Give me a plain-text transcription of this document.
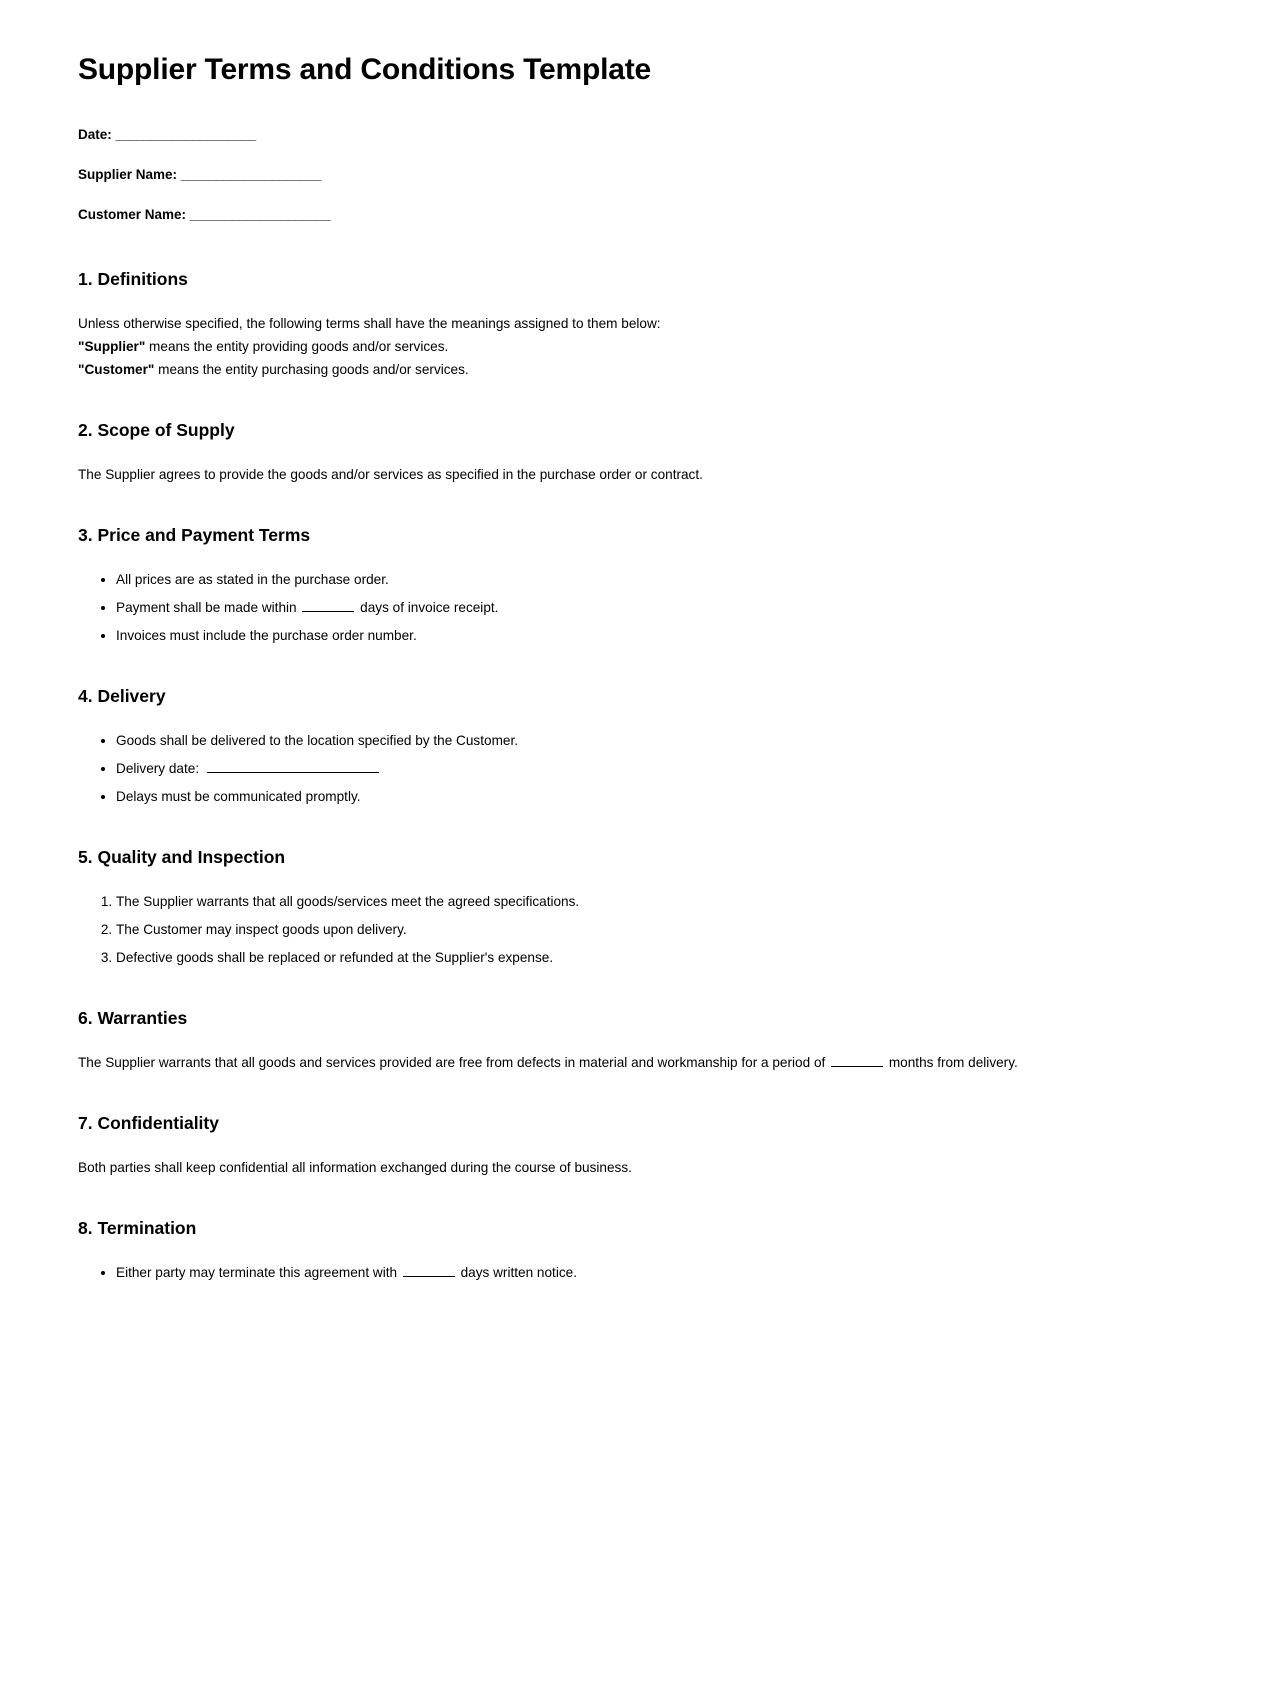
Supplier Terms and Conditions Template
Date: ____________________
Supplier Name: ____________________
Customer Name: ____________________
1. Definitions

Unless otherwise specified, the following terms shall have the meanings assigned to them below:

"Supplier" means the entity providing goods and/or services.

"Customer" means the entity purchasing goods and/or services.

2. Scope of Supply

The Supplier agrees to provide the goods and/or services as specified in the purchase order or contract.

3. Price and Payment Terms
• All prices are as stated in the purchase order.
• Payment shall be made within	days of invoice receipt.
• Invoices must include the purchase order number.
4. Delivery
• Goods shall be delivered to the location specified by the Customer.
• Delivery date:
• Delays must be communicated promptly.
5. Quality and Inspection
1. The Supplier warrants that all goods/services meet the agreed specifications.
2. The Customer may inspect goods upon delivery.
3. Defective goods shall be replaced or refunded at the Supplier's expense.
6. Warranties

The Supplier warrants that all goods and services provided are free from defects in material and workmanship for a period of	months from delivery.

7. Confidentiality

Both parties shall keep confidential all information exchanged during the course of business.

8. Termination
• Either party may terminate this agreement with	days written notice.
